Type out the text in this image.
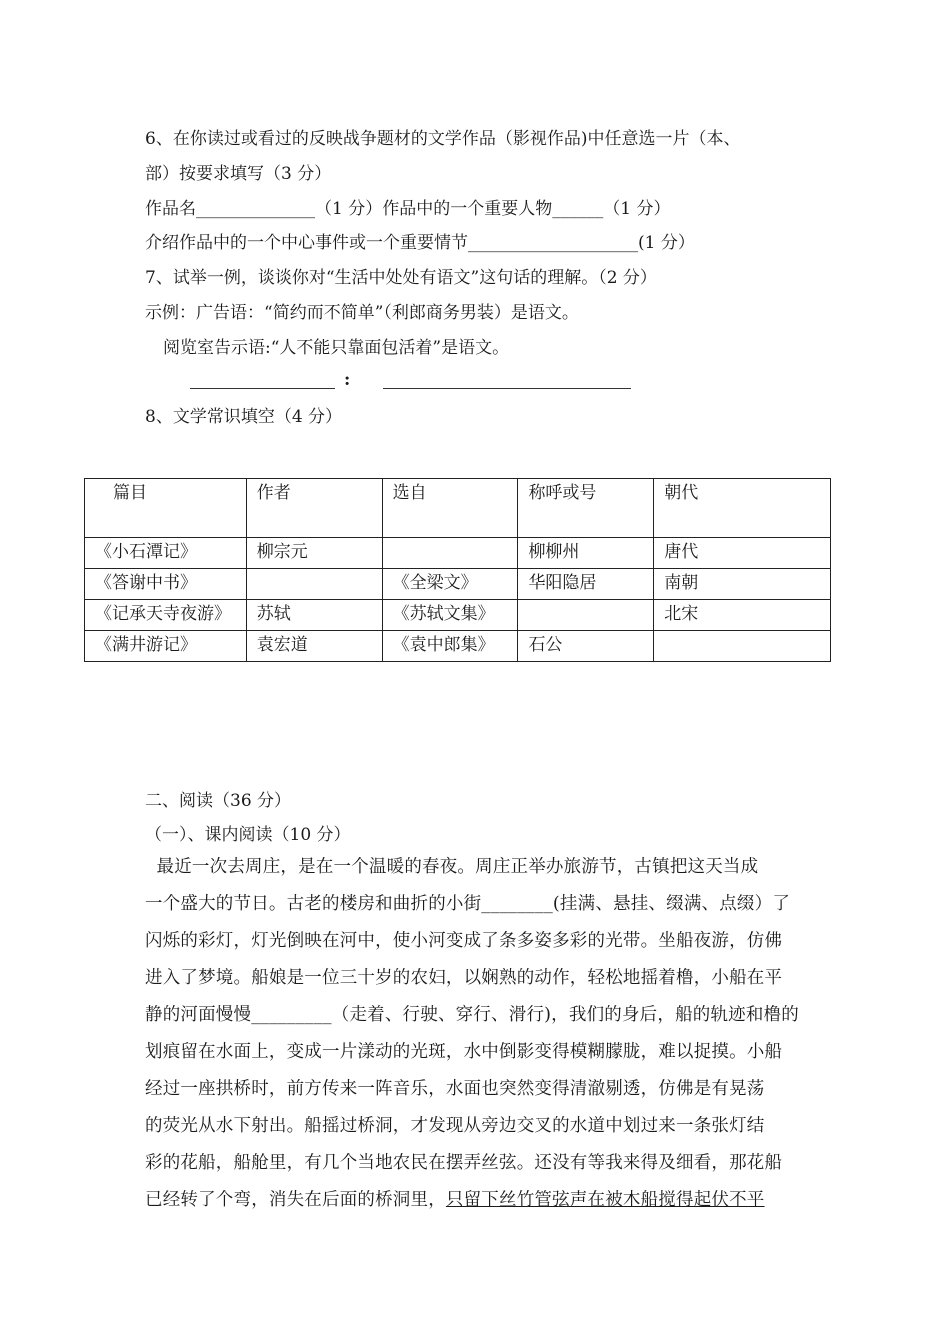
6、在你读过或看过的反映战争题材的文学作品（影视作品)中任意选一片（本、
部）按要求填写（3 分）
作品名______________（1 分）作品中的一个重要人物______（1 分）
介绍作品中的一个中心事件或一个重要情节____________________(1 分）
7、试举一例，谈谈你对“生活中处处有语文”这句话的理解。（2 分）
示例：广告语：“简约而不简单”（利郎商务男装）是语文。
阅览室告示语:“人不能只靠面包活着”是语文。
:
8、文学常识填空（4 分）
篇目	作者	选自	称呼或号	朝代
《小石潭记》	柳宗元		柳柳州	唐代
《答谢中书》		《全梁文》	华阳隐居	南朝
《记承天寺夜游》	苏轼	《苏轼文集》		北宋
《满井游记》	袁宏道	《袁中郎集》	石公	
二、阅读（36 分）
（一）、课内阅读（10 分）
最近一次去周庄，是在一个温暖的春夜。周庄正举办旅游节，古镇把这天当成
一个盛大的节日。古老的楼房和曲折的小街________(挂满、悬挂、缀满、点缀）了
闪烁的彩灯，灯光倒映在河中，使小河变成了条多姿多彩的光带。坐船夜游，仿佛
进入了梦境。船娘是一位三十岁的农妇，以娴熟的动作，轻松地摇着橹，小船在平
静的河面慢慢_________（走着、行驶、穿行、滑行)，我们的身后，船的轨迹和橹的
划痕留在水面上，变成一片漾动的光斑，水中倒影变得模糊朦胧，难以捉摸。小船
经过一座拱桥时，前方传来一阵音乐，水面也突然变得清澈剔透，仿佛是有晃荡
的荧光从水下射出。船摇过桥洞，才发现从旁边交叉的水道中划过来一条张灯结
彩的花船，船舱里，有几个当地农民在摆弄丝弦。还没有等我来得及细看，那花船
已经转了个弯，消失在后面的桥洞里，只留下丝竹管弦声在被木船搅得起伏不平
